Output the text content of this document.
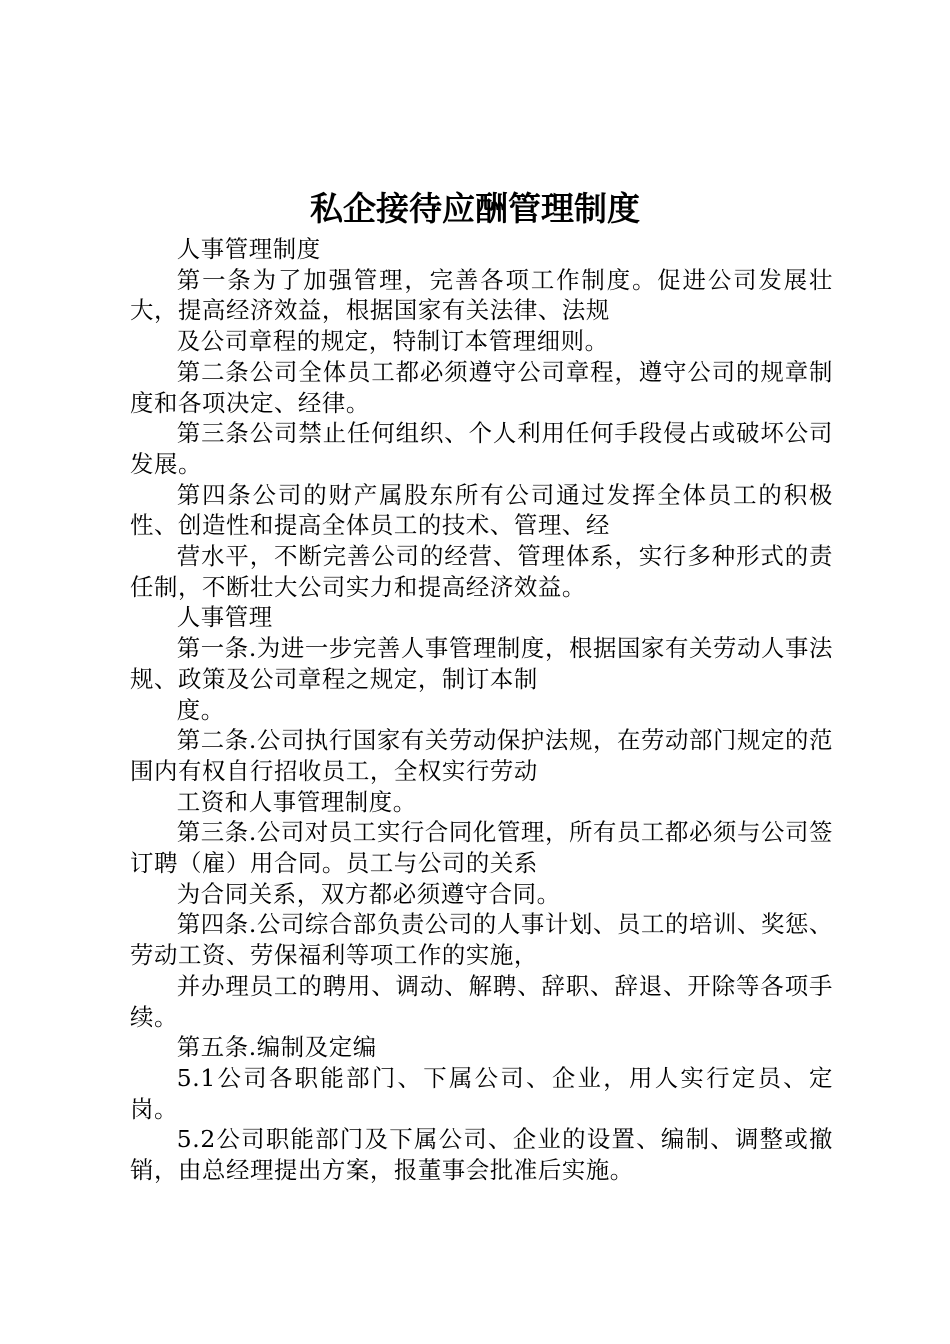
私企接待应酬管理制度

人事管理制度

第一条为了加强管理，完善各项工作制度。促进公司发展壮大，提高经济效益，根据国家有关法律、法规

及公司章程的规定，特制订本管理细则。

第二条公司全体员工都必须遵守公司章程，遵守公司的规章制度和各项决定、经律。

第三条公司禁止任何组织、个人利用任何手段侵占或破坏公司发展。

第四条公司的财产属股东所有公司通过发挥全体员工的积极性、创造性和提高全体员工的技术、管理、经

营水平，不断完善公司的经营、管理体系，实行多种形式的责任制，不断壮大公司实力和提高经济效益。

人事管理

第一条.为进一步完善人事管理制度，根据国家有关劳动人事法规、政策及公司章程之规定，制订本制

度。

第二条.公司执行国家有关劳动保护法规，在劳动部门规定的范围内有权自行招收员工，全权实行劳动

工资和人事管理制度。

第三条.公司对员工实行合同化管理，所有员工都必须与公司签订聘（雇）用合同。员工与公司的关系

为合同关系，双方都必须遵守合同。

第四条.公司综合部负责公司的人事计划、员工的培训、奖惩、劳动工资、劳保福利等项工作的实施，

并办理员工的聘用、调动、解聘、辞职、辞退、开除等各项手续。

第五条.编制及定编

5.1公司各职能部门、下属公司、企业，用人实行定员、定岗。

5.2公司职能部门及下属公司、企业的设置、编制、调整或撤销，由总经理提出方案，报董事会批准后实施。
